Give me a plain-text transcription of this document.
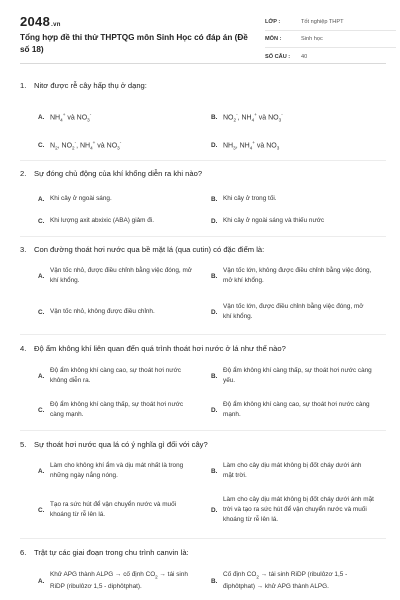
2048.vn
Tổng hợp đề thi thử THPTQG môn Sinh Học có đáp án (Đề số 18)
LỚP :	Tốt nghiệp THPT
MÔN :	Sinh học
SỐ CÂU :	40
1.	Nitơ được rễ cây hấp thụ ở dạng:
A. $NH_4^+$ và $NO_3^-$	B. $NO_2^-$, $NH_4^+$ và $NO_3^-$
C. $N_2$, $NO_2^-$, $NH_4^+$ và $NO_3^-$	D. $NH_3$, $NH_4^+$ và $NO_3$
2.	Sự đóng chủ động của khí khổng diễn ra khi nào?
A. Khi cây ở ngoài sáng.	B. Khi cây ở trong tối.
C. Khi lượng axit abxixic (ABA) giảm đi.	D. Khi cây ở ngoài sáng và thiếu nước
3.	Con đường thoát hơi nước qua bề mặt lá (qua cutin) có đặc điểm là:
A.
Vận tốc nhỏ, được điều chỉnh bằng việc đóng, mở khí khổng.
B.
Vận tốc lớn, không được điều chỉnh bằng việc đóng, mở khí khổng.
C. Vận tốc nhỏ, không được điều chỉnh.	D.
Vận tốc lớn, được điều chỉnh bằng việc đóng, mở khí khổng.
4.	Độ ẩm không khí liên quan đến quá trình thoát hơi nước ở lá như thế nào?
A.
Độ ẩm không khí càng cao, sự thoát hơi nước không diễn ra.
B.
Độ ẩm không khí càng thấp, sự thoát hơi nước càng yếu.
C.
Độ ẩm không khí càng thấp, sự thoát hơi nước càng mạnh.
D.
Độ ẩm không khí càng cao, sự thoát hơi nước càng mạnh.
5.	Sự thoát hơi nước qua lá có ý nghĩa gì đối với cây?
A.
Làm cho không khí ẩm và dịu mát nhất là trong những ngày nắng nóng.
B.
Làm cho cây dịu mát không bị đốt cháy dưới ánh mặt trời.
C.
Tạo ra sức hút để vận chuyển nước và muối khoáng từ rễ lên lá.
D.
Làm cho cây dịu mát không bị đốt cháy dưới ánh mặt trời và tạo ra sức hút để vận chuyển nước và muối khoáng từ rễ lên lá.
6.	Trật tự các giai đoạn trong chu trình canvin là:
A.
Khử APG thành ALPG → cố định $CO_2$ → tái sinh RiDP (ribulôzơ 1,5 - diphôtphat).
B.
Cố định $CO_2$ → tái sinh RiDP (ribulôzơ 1,5 - điphôtphat) → khử APG thành ALPG.
